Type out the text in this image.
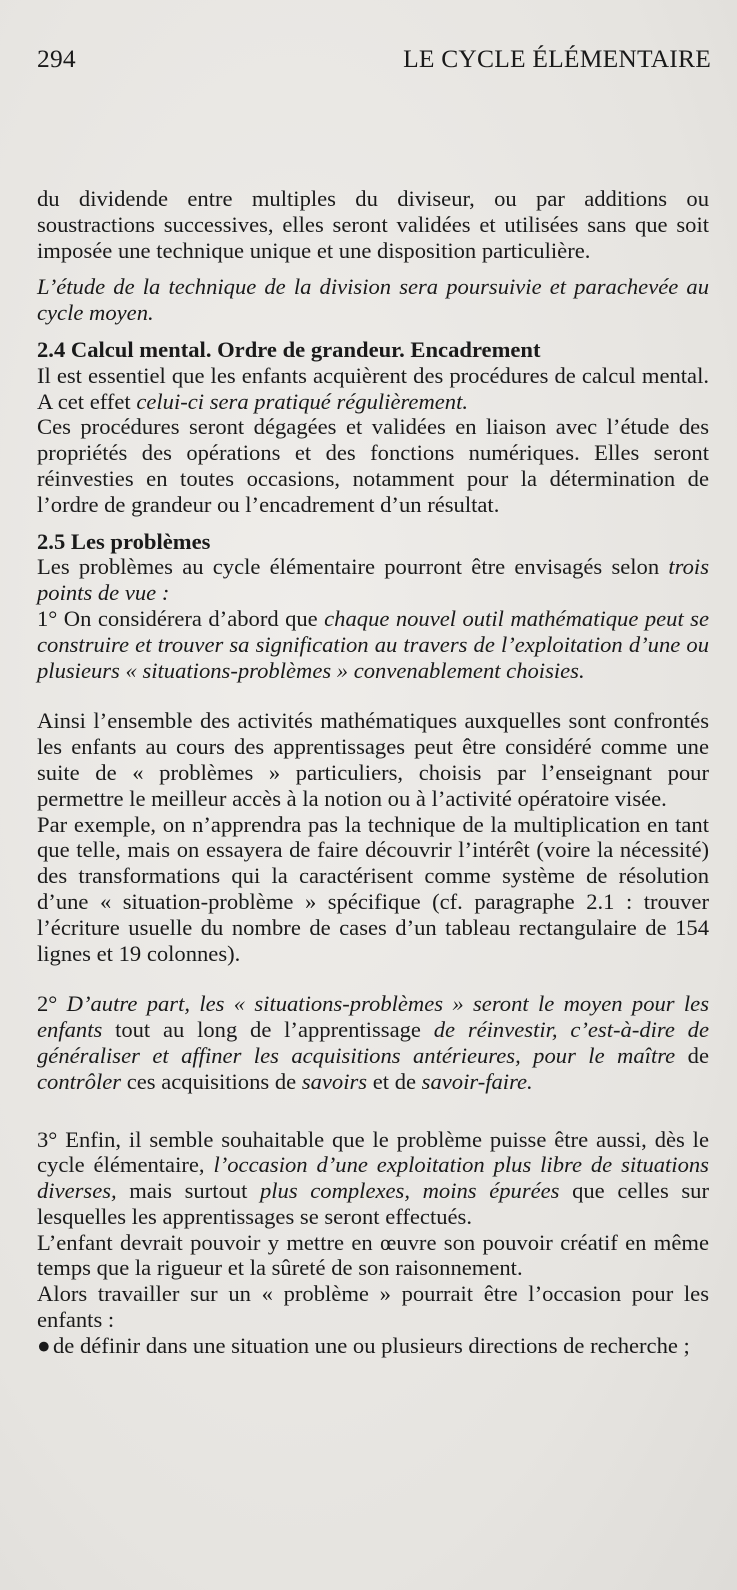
294	LE CYCLE ÉLÉMENTAIRE

du dividende entre multiples du diviseur, ou par additions ou soustractions successives, elles seront validées et utilisées sans que soit imposée une technique unique et une disposition particulière.

L’étude de la technique de la division sera poursuivie et parachevée au cycle moyen.

2.4 Calcul mental. Ordre de grandeur. Encadrement

Il est essentiel que les enfants acquièrent des procédures de calcul mental. A cet effet celui-ci sera pratiqué régulièrement.

Ces procédures seront dégagées et validées en liaison avec l’étude des propriétés des opérations et des fonctions numériques. Elles seront réinvesties en toutes occasions, notamment pour la détermination de l’ordre de grandeur ou l’encadrement d’un résultat.

2.5 Les problèmes

Les problèmes au cycle élémentaire pourront être envisagés selon trois points de vue :

1° On considérera d’abord que chaque nouvel outil mathématique peut se construire et trouver sa signification au travers de l’exploitation d’une ou plusieurs « situations-problèmes » convenablement choisies.

Ainsi l’ensemble des activités mathématiques auxquelles sont confrontés les enfants au cours des apprentissages peut être considéré comme une suite de « problèmes » particuliers, choisis par l’enseignant pour permettre le meilleur accès à la notion ou à l’activité opératoire visée.

Par exemple, on n’apprendra pas la technique de la multiplication en tant que telle, mais on essayera de faire découvrir l’intérêt (voire la nécessité) des transformations qui la caractérisent comme système de résolution d’une « situation-problème » spécifique (cf. paragraphe 2.1 : trouver l’écriture usuelle du nombre de cases d’un tableau rectangulaire de 154 lignes et 19 colonnes).

2° D’autre part, les « situations-problèmes » seront le moyen pour les enfants tout au long de l’apprentissage de réinvestir, c’est-à-dire de généraliser et affiner les acquisitions antérieures, pour le maître de contrôler ces acquisitions de savoirs et de savoir-faire.

3° Enfin, il semble souhaitable que le problème puisse être aussi, dès le cycle élémentaire, l’occasion d’une exploitation plus libre de situations diverses, mais surtout plus complexes, moins épurées que celles sur lesquelles les apprentissages se seront effectués.

L’enfant devrait pouvoir y mettre en œuvre son pouvoir créatif en même temps que la rigueur et la sûreté de son raisonnement.

Alors travailler sur un « problème » pourrait être l’occasion pour les enfants :

● de définir dans une situation une ou plusieurs directions de recherche ;
